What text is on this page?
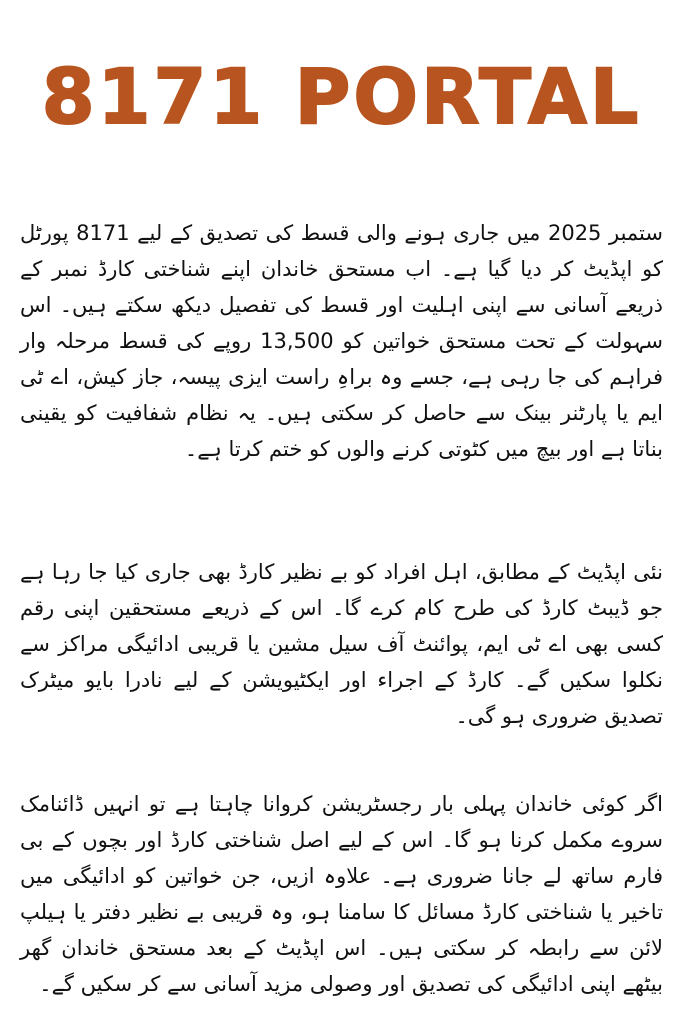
8171 PORTAL

ستمبر 2025 میں جاری ہونے والی قسط کی تصدیق کے لیے 8171 پورٹل کو اپڈیٹ کر دیا گیا ہے۔ اب مستحق خاندان اپنے شناختی کارڈ نمبر کے ذریعے آسانی سے اپنی اہلیت اور قسط کی تفصیل دیکھ سکتے ہیں۔ اس سہولت کے تحت مستحق خواتین کو 13,500 روپے کی قسط مرحلہ وار فراہم کی جا رہی ہے، جسے وہ براہِ راست ایزی پیسہ، جاز کیش، اے ٹی ایم یا پارٹنر بینک سے حاصل کر سکتی ہیں۔ یہ نظام شفافیت کو یقینی بناتا ہے اور بیچ میں کٹوتی کرنے والوں کو ختم کرتا ہے۔

نئی اپڈیٹ کے مطابق، اہل افراد کو بے نظیر کارڈ بھی جاری کیا جا رہا ہے جو ڈیبٹ کارڈ کی طرح کام کرے گا۔ اس کے ذریعے مستحقین اپنی رقم کسی بھی اے ٹی ایم، پوائنٹ آف سیل مشین یا قریبی ادائیگی مراکز سے نکلوا سکیں گے۔ کارڈ کے اجراء اور ایکٹیویشن کے لیے نادرا بایو میٹرک تصدیق ضروری ہو گی۔

اگر کوئی خاندان پہلی بار رجسٹریشن کروانا چاہتا ہے تو انہیں ڈائنامک سروے مکمل کرنا ہو گا۔ اس کے لیے اصل شناختی کارڈ اور بچوں کے بی فارم ساتھ لے جانا ضروری ہے۔ علاوہ ازیں، جن خواتین کو ادائیگی میں تاخیر یا شناختی کارڈ مسائل کا سامنا ہو، وہ قریبی بے نظیر دفتر یا ہیلپ لائن سے رابطہ کر سکتی ہیں۔ اس اپڈیٹ کے بعد مستحق خاندان گھر بیٹھے اپنی ادائیگی کی تصدیق اور وصولی مزید آسانی سے کر سکیں گے۔
